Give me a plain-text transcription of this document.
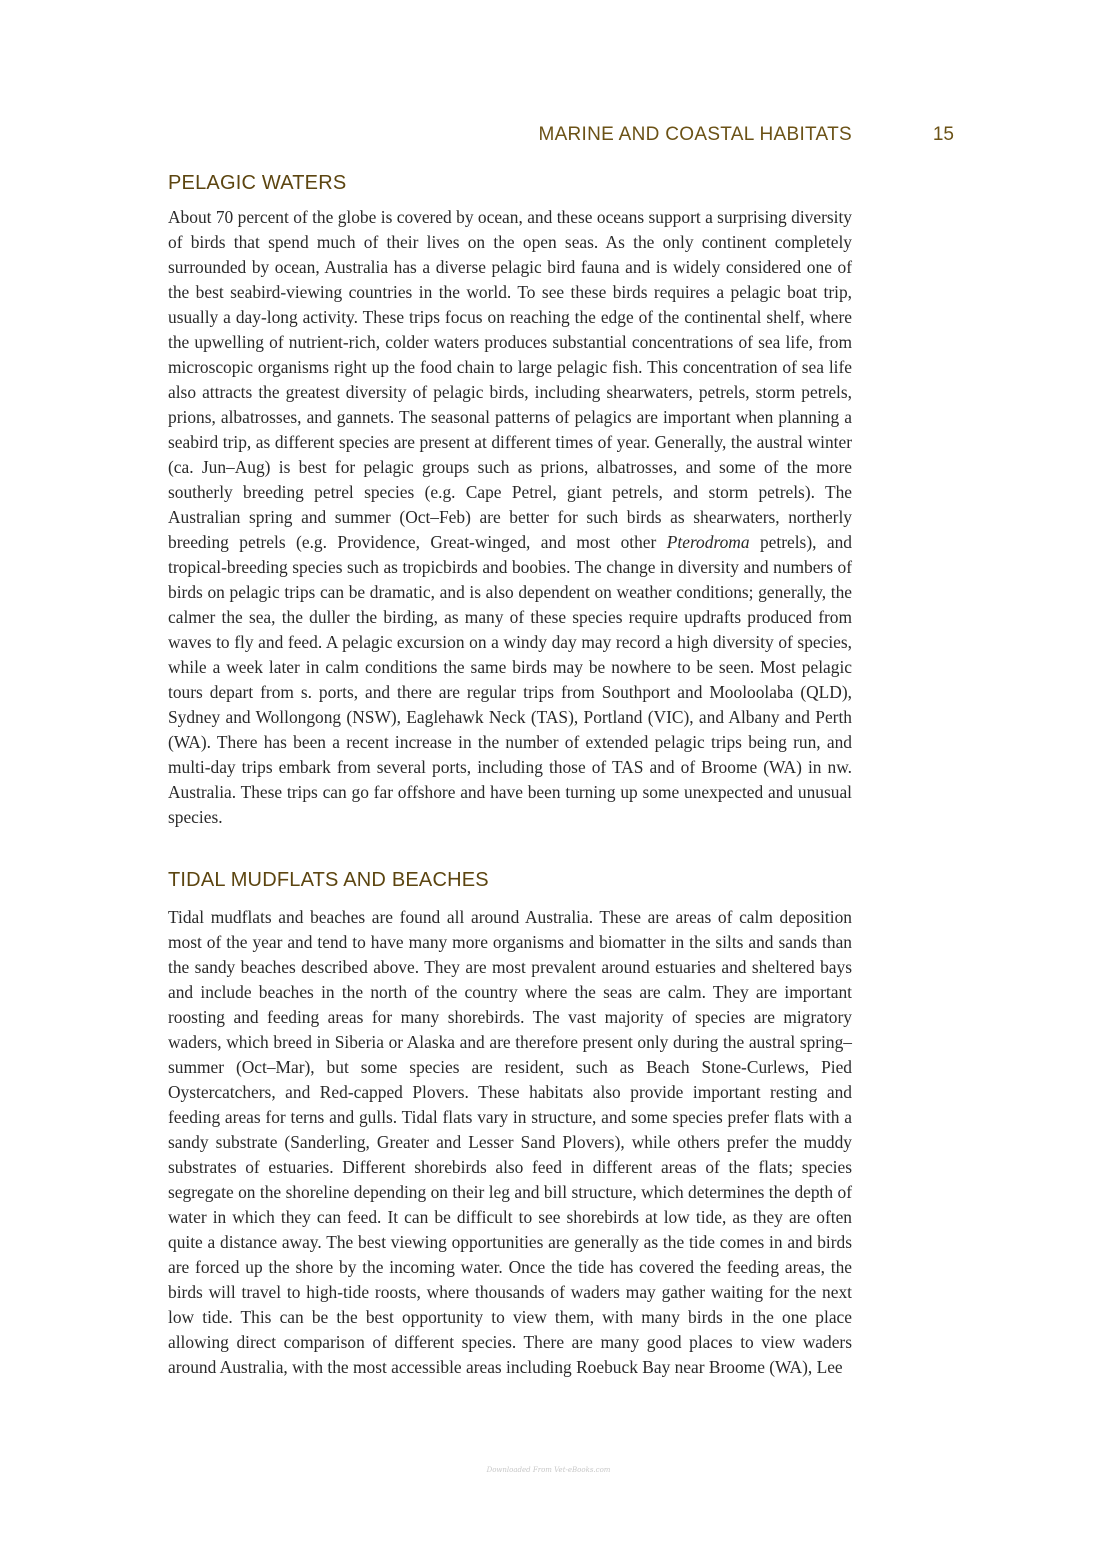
MARINE AND COASTAL HABITATS	15
PELAGIC WATERS

About 70 percent of the globe is covered by ocean, and these oceans support a surprising diversity of birds that spend much of their lives on the open seas. As the only continent completely surrounded by ocean, Australia has a diverse pelagic bird fauna and is widely considered one of the best seabird-viewing countries in the world. To see these birds requires a pelagic boat trip, usually a day-long activity. These trips focus on reaching the edge of the continental shelf, where the upwelling of nutrient-rich, colder waters produces substantial concentrations of sea life, from microscopic organisms right up the food chain to large pelagic fish. This concentration of sea life also attracts the greatest diversity of pelagic birds, including shearwaters, petrels, storm petrels, prions, albatrosses, and gannets. The seasonal patterns of pelagics are important when planning a seabird trip, as different species are present at different times of year. Generally, the austral winter (ca. Jun–Aug) is best for pelagic groups such as prions, albatrosses, and some of the more southerly breeding petrel species (e.g. Cape Petrel, giant petrels, and storm petrels). The Australian spring and summer (Oct–Feb) are better for such birds as shearwaters, northerly breeding petrels (e.g. Providence, Great-winged, and most other Pterodroma petrels), and tropical-breeding species such as tropicbirds and boobies. The change in diversity and numbers of birds on pelagic trips can be dramatic, and is also dependent on weather conditions; generally, the calmer the sea, the duller the birding, as many of these species require updrafts produced from waves to fly and feed. A pelagic excursion on a windy day may record a high diversity of species, while a week later in calm conditions the same birds may be nowhere to be seen. Most pelagic tours depart from s. ports, and there are regular trips from Southport and Mooloolaba (QLD), Sydney and Wollongong (NSW), Eaglehawk Neck (TAS), Portland (VIC), and Albany and Perth (WA). There has been a recent increase in the number of extended pelagic trips being run, and multi-day trips embark from several ports, including those of TAS and of Broome (WA) in nw. Australia. These trips can go far offshore and have been turning up some unexpected and unusual species.

TIDAL MUDFLATS AND BEACHES

Tidal mudflats and beaches are found all around Australia. These are areas of calm deposition most of the year and tend to have many more organisms and biomatter in the silts and sands than the sandy beaches described above. They are most prevalent around estuaries and sheltered bays and include beaches in the north of the country where the seas are calm. They are important roosting and feeding areas for many shorebirds. The vast majority of species are migratory waders, which breed in Siberia or Alaska and are therefore present only during the austral spring–summer (Oct–Mar), but some species are resident, such as Beach Stone-Curlews, Pied Oystercatchers, and Red-capped Plovers. These habitats also provide important resting and feeding areas for terns and gulls. Tidal flats vary in structure, and some species prefer flats with a sandy substrate (Sanderling, Greater and Lesser Sand Plovers), while others prefer the muddy substrates of estuaries. Different shorebirds also feed in different areas of the flats; species segregate on the shoreline depending on their leg and bill structure, which determines the depth of water in which they can feed. It can be difficult to see shorebirds at low tide, as they are often quite a distance away. The best viewing opportunities are generally as the tide comes in and birds are forced up the shore by the incoming water. Once the tide has covered the feeding areas, the birds will travel to high-tide roosts, where thousands of waders may gather waiting for the next low tide. This can be the best opportunity to view them, with many birds in the one place allowing direct comparison of different species. There are many good places to view waders around Australia, with the most accessible areas including Roebuck Bay near Broome (WA), Lee

Downloaded From Vet-eBooks.com
